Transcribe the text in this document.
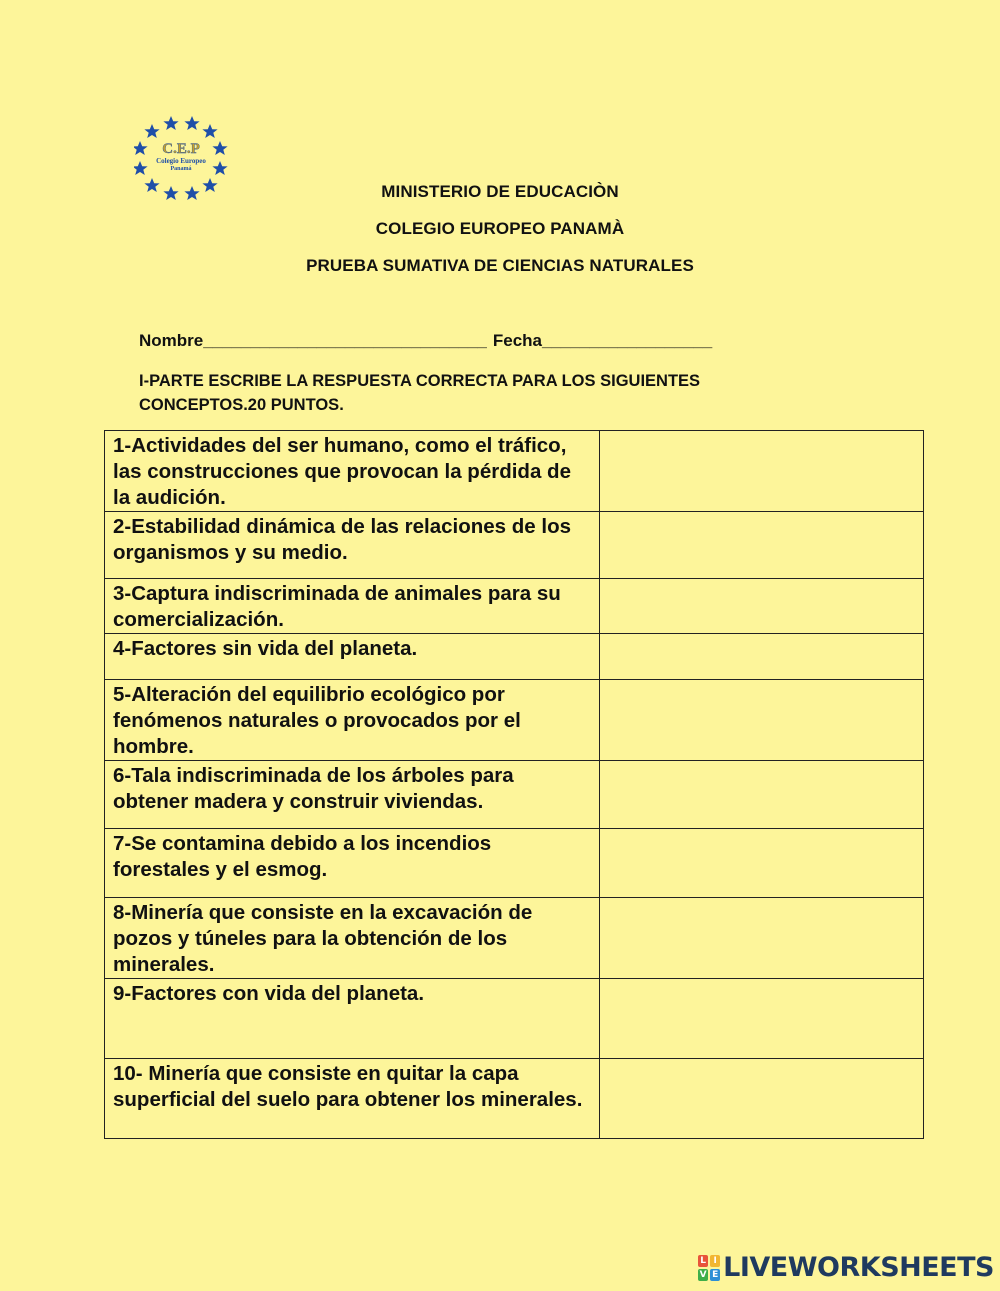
C.E.P
Colegio Europeo
Panamá
MINISTERIO DE EDUCACIÒN
COLEGIO EUROPEO PANAMÀ
PRUEBA SUMATIVA DE CIENCIAS NATURALES
Nombre______________________________ Fecha__________________
I-PARTE ESCRIBE LA RESPUESTA CORRECTA PARA LOS SIGUIENTES
CONCEPTOS.20 PUNTOS.
1-Actividades del ser humano, como el tráfico, las construcciones que provocan la pérdida de la audición.	
2-Estabilidad dinámica de las relaciones de los organismos y su medio.	
3-Captura indiscriminada de animales para su comercialización.	
4-Factores sin vida del planeta.	
5-Alteración del equilibrio ecológico por fenómenos naturales o provocados por el hombre.	
6-Tala indiscriminada de los árboles para obtener madera y construir viviendas.	
7-Se contamina debido a los incendios forestales y el esmog.	
8-Minería que consiste en la excavación de pozos y túneles para la obtención de los minerales.	
9-Factores con vida del planeta.	
10- Minería que consiste en quitar la capa superficial del suelo para obtener los minerales.	
L I
V E LIVEWORKSHEETS
